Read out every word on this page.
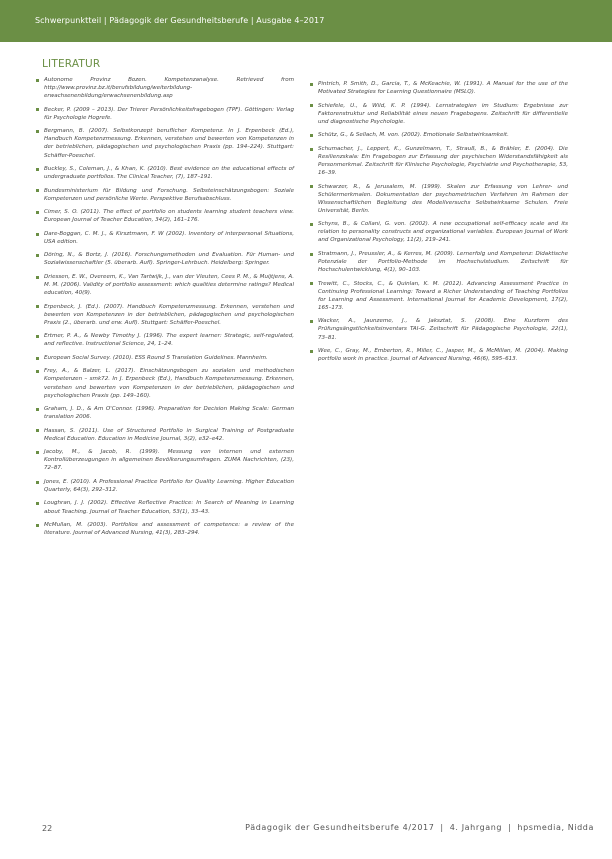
Schwerpunktteil | Pädagogik der Gesundheitsberufe | Ausgabe 4–2017
LITERATUR
Autonome Provinz Bozen. Kompetenzanalyse. Retrieved from http://www.provinz.bz.it/berufsbildung/weiterbildung-erwachsenenbildung/erwachsenenbildung.asp
Becker, P. (2009 – 2013). Der Trierer Persönlichkeitsfragebogen (TPF). Göttingen: Verlag für Psychologie Hogrefe.
Bergmann, B. (2007). Selbstkonzept beruflicher Kompetenz. In J. Erpenbeck (Ed.), Handbuch Kompetenzmessung. Erkennen, verstehen und bewerten von Kompetenzen in der betrieblichen, pädagogischen und psychologischen Praxis (pp. 194–224). Stuttgart: Schäffer-Poeschel.
Buckley, S., Coleman, J., & Khan, K. (2010). Best evidence on the educational effects of undergraduate portfolios. The Clinical Teacher, (7), 187–191.
Bundesministerium für Bildung und Forschung. Selbsteinschätzungsbogen: Soziale Kompetenzen und persönliche Werte. Perspektive Berufsabschluss.
Cimer, S. O. (2011). The effect of portfolio on students learning student teachers view. European Journal of Teacher Education, 34(2), 161–176.
Dare-Boggan, C. M. J., & Kirsztmann, F. W (2002). Inventory of interpersonal Situations, USA edition.
Döring, N., & Bortz, J. (2016). Forschungsmethoden und Evaluation. Für Human- und Sozialwissenschaftler (5. überarb. Aufl). Springer-Lehrbuch. Heidelberg: Springer.
Driessen, E. W., Overeem, K., Van Tartwijk, J., van der Vleuten, Cees P. M., & Muijtjens, A. M. M. (2006). Validity of portfolio assessment: which qualities determine ratings? Medical education, 40(9).
Erpenbeck, J. (Ed.). (2007). Handbuch Kompetenzmessung. Erkennen, verstehen und bewerten von Kompetenzen in der betrieblichen, pädagogischen und psychologischen Praxis (2., überarb. und erw. Aufl). Stuttgart: Schäffer-Poeschel.
Ertmer, P. A., & Newby Timothy J. (1996). The expert learner: Strategic, self-regulated, and reflective. Instructional Science, 24, 1–24.
European Social Survey. (2010). ESS Round 5 Translation Guidelines. Mannheim.
Frey, A., & Balzer, L. (2017). Einschätzungsbogen zu sozialen und methodischen Kompetenzen – smk72. In J. Erpenbeck (Ed.), Handbuch Kompetenzmessung. Erkennen, verstehen und bewerten von Kompetenzen in der betrieblichen, pädagogischen und psychologischen Praxis (pp. 149–160).
Graham, J. D., & Am O'Connor. (1996). Preparation for Decision Making Scale: German translation 2006.
Hassan, S. (2011). Use of Structured Portfolio in Surgical Training of Postgraduate Medical Education. Education in Medicine Journal, 3(2), e32–e42.
Jacoby, M., & Jacob, R. (1999). Messung von internen und externen Kontrollüberzeugungen in allgemeinen Bevölkerungsumfragen. ZUMA Nachrichten, (23), 72–87.
Jones, E. (2010). A Professional Practice Portfolio for Quality Learning. Higher Education Quarterly, 64(3), 292–312.
Loughran, J. J. (2002). Effective Reflective Practice: In Search of Meaning in Learning about Teaching. Journal of Teacher Education, 53(1), 33–43.
McMullan, M. (2003). Portfolios and assessment of competence: a review of the literature. Journal of Advanced Nursing, 41(3), 283–294.
Pintrich, P. Smith, D., Garcia, T., & McKeachie, W. (1991). A Manual for the use of the Motivated Strategies for Learning Questionnaire (MSLQ).
Schiefele, U., & Wild, K. P. (1994). Lernstrategien im Studium: Ergebnisse zur Faktorenstruktur und Reliabilität eines neuen Fragebogens. Zeitschrift für differentielle und diagnostische Psychologie.
Schütz, G., & Sellach, M. von. (2002). Emotionale Selbstwirksamkeit.
Schumacher, J., Leppert, K., Gunzelmann, T., Strauß, B., & Brähler, E. (2004). Die Resilienzskala: Ein Fragebogen zur Erfassung der psychischen Widerstandsfähigkeit als Personmerkmal. Zeitschrift für Klinische Psychologie, Psychiatrie und Psychotherapie, 53, 16–39.
Schwarzer, R., & Jerusalem, M. (1999). Skalen zur Erfassung von Lehrer- und Schülermerkmalen. Dokumentation der psychometrischen Verfahren im Rahmen der Wissenschaftlichen Begleitung des Modellversuchs Selbstwirksame Schulen. Freie Universität, Berlin.
Schyns, B., & Collani, G. von. (2002). A new occupational self-efficacy scale and its relation to personality constructs and organizational variables. European Journal of Work and Organizational Psychology, 11(2), 219–241.
Stratmann, J., Preussler, A., & Kerres, M. (2009). Lernerfolg und Kompetenz: Didaktische Potenziale der Portfolio-Methode im Hochschulstudium. Zeitschrift für Hochschulentwicklung, 4(1), 90–103.
Trewitt, C., Stocks, C., & Quinlan, K. M. (2012). Advancing Assessment Practice in Continuing Professional Learning: Toward a Richer Understanding of Teaching Portfolios for Learning and Assessment. International Journal for Academic Development, 17(2), 165–173.
Wacker, A., Jaunzeme, J., & Jaksztat, S. (2008). Eine Kurzform des Prüfungsängstlichkeitsinventars TAI-G. Zeitschrift für Pädagogische Psychologie, 22(1), 73–81.
Wee, C., Gray, M., Emberton, R., Miller, C., Jasper, M., & McMillan, M. (2004). Making portfolio work in practice. Journal of Advanced Nursing, 46(6), 595–613.
22	Pädagogik der Gesundheitsberufe 4/2017 | 4. Jahrgang | hpsmedia, Nidda
